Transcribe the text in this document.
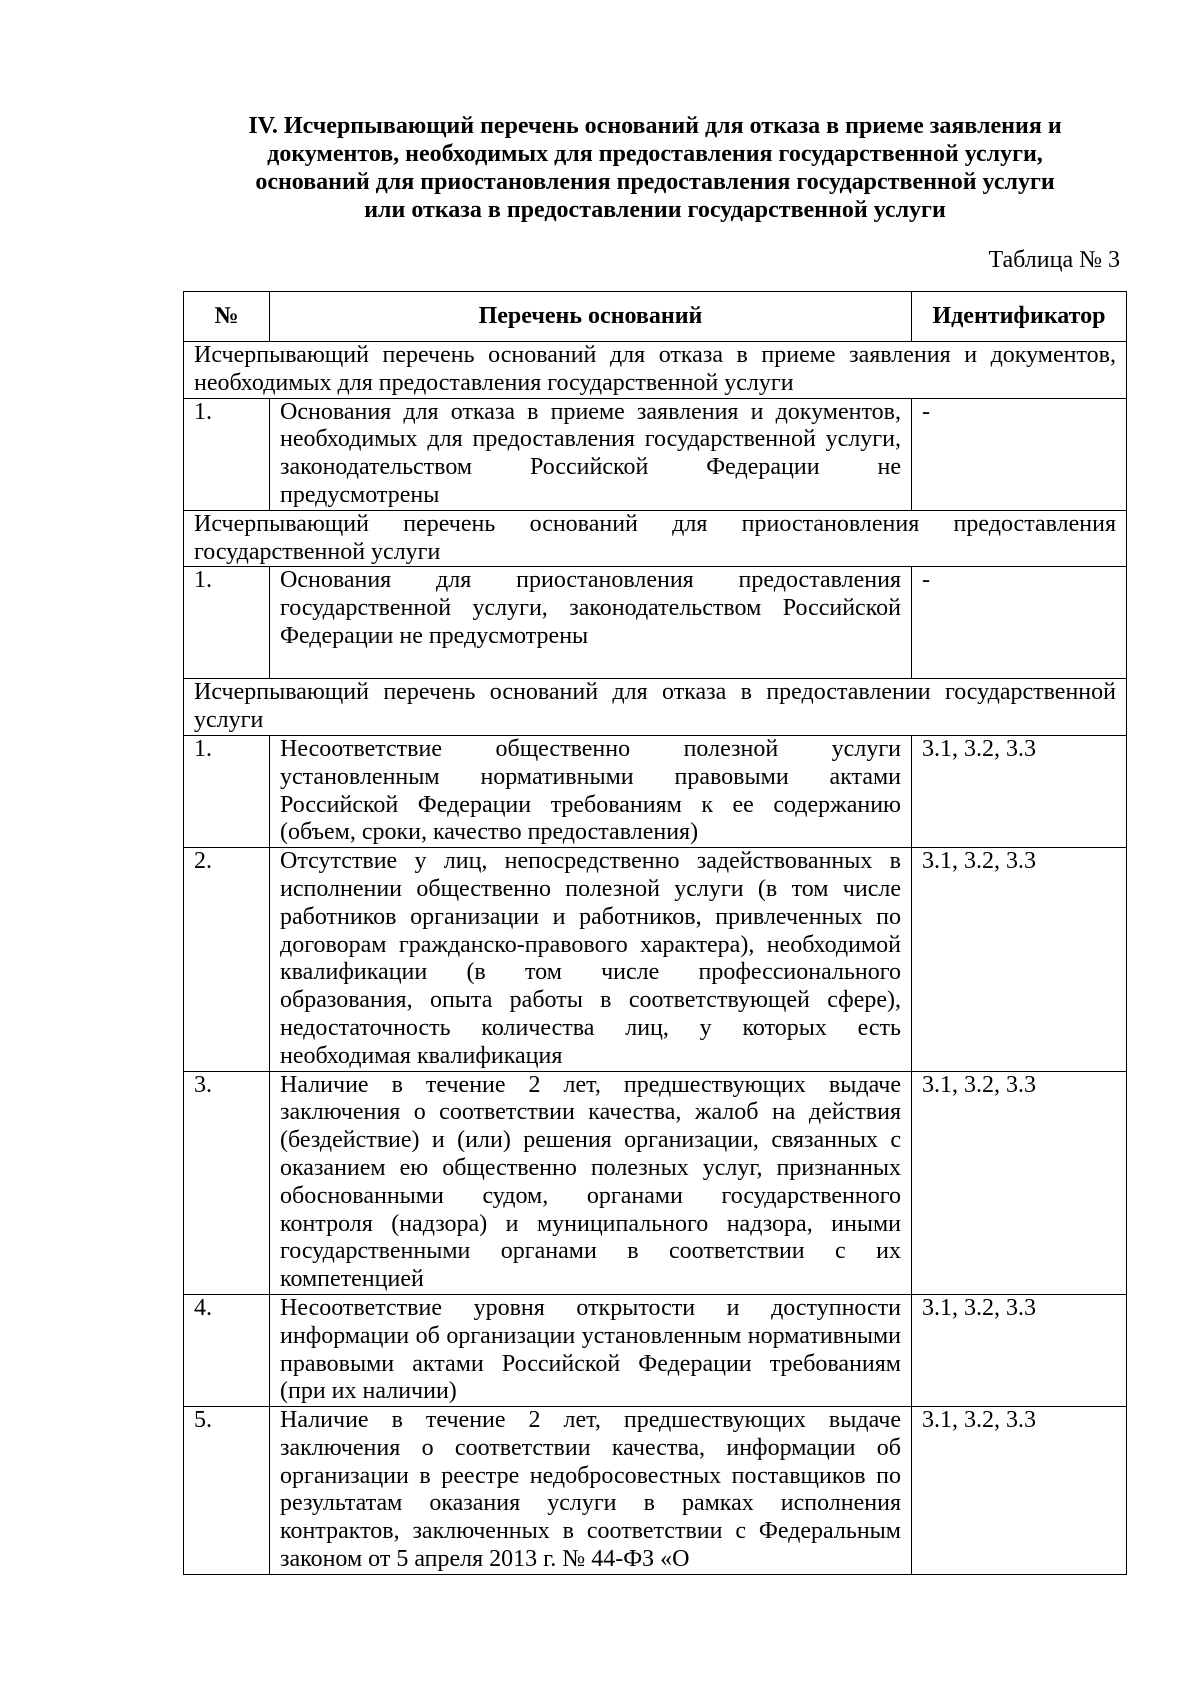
IV. Исчерпывающий перечень оснований для отказа в приеме заявления и
документов, необходимых для предоставления государственной услуги,
оснований для приостановления предоставления государственной услуги
или отказа в предоставлении государственной услуги
Таблица № 3
№	Перечень оснований	Идентификатор
Исчерпывающий перечень оснований для отказа в приеме заявления и документов, необходимых для предоставления государственной услуги		
1.	Основания для отказа в приеме заявления и документов, необходимых для предоставления государственной услуги, законодательством Российской Федерации не предусмотрены	-
Исчерпывающий перечень оснований для приостановления предоставления государственной услуги		
1.	Основания для приостановления предоставления государственной услуги, законодательством Российской Федерации не предусмотрены	-
Исчерпывающий перечень оснований для отказа в предоставлении государственной услуги		
1.	Несоответствие общественно полезной услуги установленным нормативными правовыми актами Российской Федерации требованиям к ее содержанию (объем, сроки, качество предоставления)	3.1, 3.2, 3.3
2.	Отсутствие у лиц, непосредственно задействованных в исполнении общественно полезной услуги (в том числе работников организации и работников, привлеченных по договорам гражданско-правового характера), необходимой квалификации (в том числе профессионального образования, опыта работы в соответствующей сфере), недостаточность количества лиц, у которых есть необходимая квалификация	3.1, 3.2, 3.3
3.	Наличие в течение 2 лет, предшествующих выдаче заключения о соответствии качества, жалоб на действия (бездействие) и (или) решения организации, связанных с оказанием ею общественно полезных услуг, признанных обоснованными судом, органами государственного контроля (надзора) и муниципального надзора, иными государственными органами в соответствии с их компетенцией	3.1, 3.2, 3.3
4.	Несоответствие уровня открытости и доступности информации об организации установленным нормативными правовыми актами Российской Федерации требованиям (при их наличии)	3.1, 3.2, 3.3
5.	Наличие в течение 2 лет, предшествующих выдаче заключения о соответствии качества, информации об организации в реестре недобросовестных поставщиков по результатам оказания услуги в рамках исполнения контрактов, заключенных в соответствии с Федеральным законом от 5 апреля 2013 г. № 44-ФЗ «О	3.1, 3.2, 3.3
